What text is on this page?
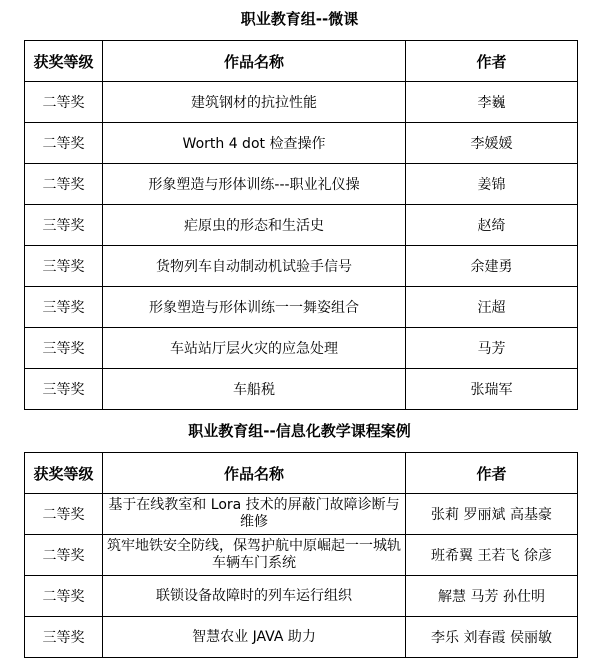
职业教育组--微课
获奖等级	作品名称	作者
二等奖	建筑钢材的抗拉性能	李巍
二等奖	Worth 4 dot 检查操作	李媛媛
二等奖	形象塑造与形体训练---职业礼仪操	姜锦
三等奖	疟原虫的形态和生活史	赵绮
三等奖	货物列车自动制动机试验手信号	余建勇
三等奖	形象塑造与形体训练一一舞姿组合	汪超
三等奖	车站站厅层火灾的应急处理	马芳
三等奖	车船税	张瑞军
职业教育组--信息化教学课程案例
获奖等级	作品名称	作者
二等奖	基于在线教室和 Lora 技术的屏蔽门故障诊断与维修	张莉 罗丽斌 高基豪
二等奖	筑牢地铁安全防线，保驾护航中原崛起一一城轨车辆车门系统	班希翼 王若飞 徐彦
二等奖	联锁设备故障时的列车运行组织	解慧 马芳 孙仕明
三等奖	智慧农业 JAVA 助力	李乐 刘春霞 侯丽敏
